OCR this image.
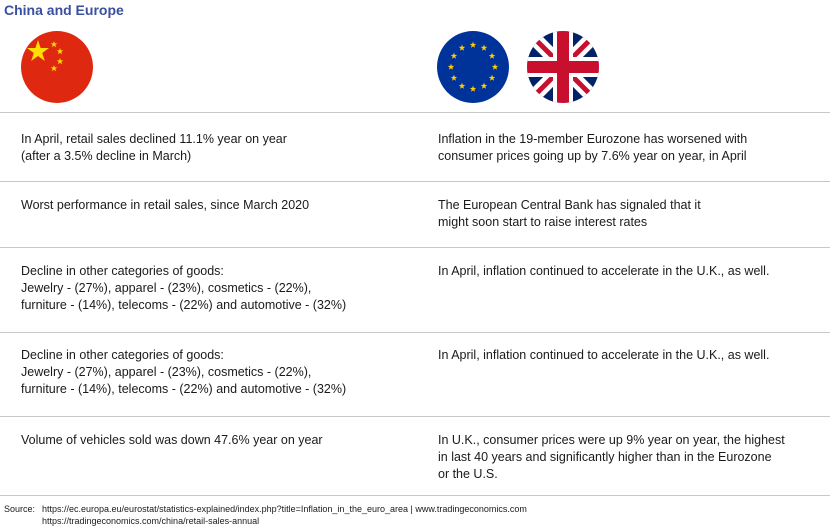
China and Europe
In April, retail sales declined 11.1% year on year
(after a 3.5% decline in March)
Inflation in the 19-member Eurozone has worsened with
consumer prices going up by 7.6% year on year, in April
Worst performance in retail sales, since March 2020	The European Central Bank has signaled that it
might soon start to raise interest rates
Decline in other categories of goods:
Jewelry - (27%), apparel - (23%), cosmetics - (22%),
furniture - (14%), telecoms - (22%) and automotive - (32%)
In April, inflation continued to accelerate in the U.K., as well.
Decline in other categories of goods:
Jewelry - (27%), apparel - (23%), cosmetics - (22%),
furniture - (14%), telecoms - (22%) and automotive - (32%)
In April, inflation continued to accelerate in the U.K., as well.
Volume of vehicles sold was down 47.6% year on year	In U.K., consumer prices were up 9% year on year, the highest
in last 40 years and significantly higher than in the Eurozone
or the U.S.
Source: https://ec.europa.eu/eurostat/statistics-explained/index.php?title=Inflation_in_the_euro_area | www.tradingeconomics.com
https://tradingeconomics.com/china/retail-sales-annual
